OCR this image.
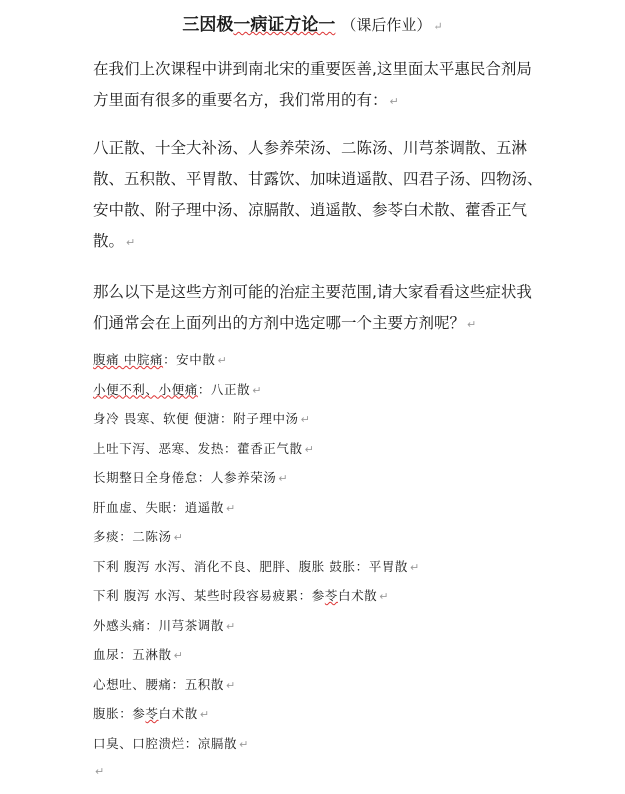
三因极一病证方论一 （课后作业） ↵

在我们上次课程中讲到南北宋的重要医善,这里面太平惠民合剂局方里面有很多的重要名方，我们常用的有： ↵

八正散、十全大补汤、人参养荣汤、二陈汤、川芎茶调散、五淋散、五积散、平胃散、甘露饮、加味逍遥散、四君子汤、四物汤、安中散、附子理中汤、凉膈散、逍遥散、参苓白术散、藿香正气散。 ↵

那么以下是这些方剂可能的治症主要范围,请大家看看这些症状我们通常会在上面列出的方剂中选定哪一个主要方剂呢？ ↵

腹痛 中脘痛：安中散 ↵
小便不利、小便痛：八正散 ↵
身冷 畏寒、软便 便溏：附子理中汤 ↵
上吐下泻、恶寒、发热：藿香正气散 ↵
长期整日全身倦怠：人参养荣汤 ↵
肝血虚、失眠：逍遥散 ↵
多痰：二陈汤 ↵
下利 腹泻 水泻、消化不良、肥胖、腹胀 鼓胀：平胃散 ↵
下利 腹泻 水泻、某些时段容易疲累：参苓白术散 ↵
外感头痛：川芎茶调散 ↵
血尿：五淋散 ↵
心想吐、腰痛：五积散 ↵
腹胀：参苓白术散 ↵
口臭、口腔溃烂：凉膈散 ↵
↵
